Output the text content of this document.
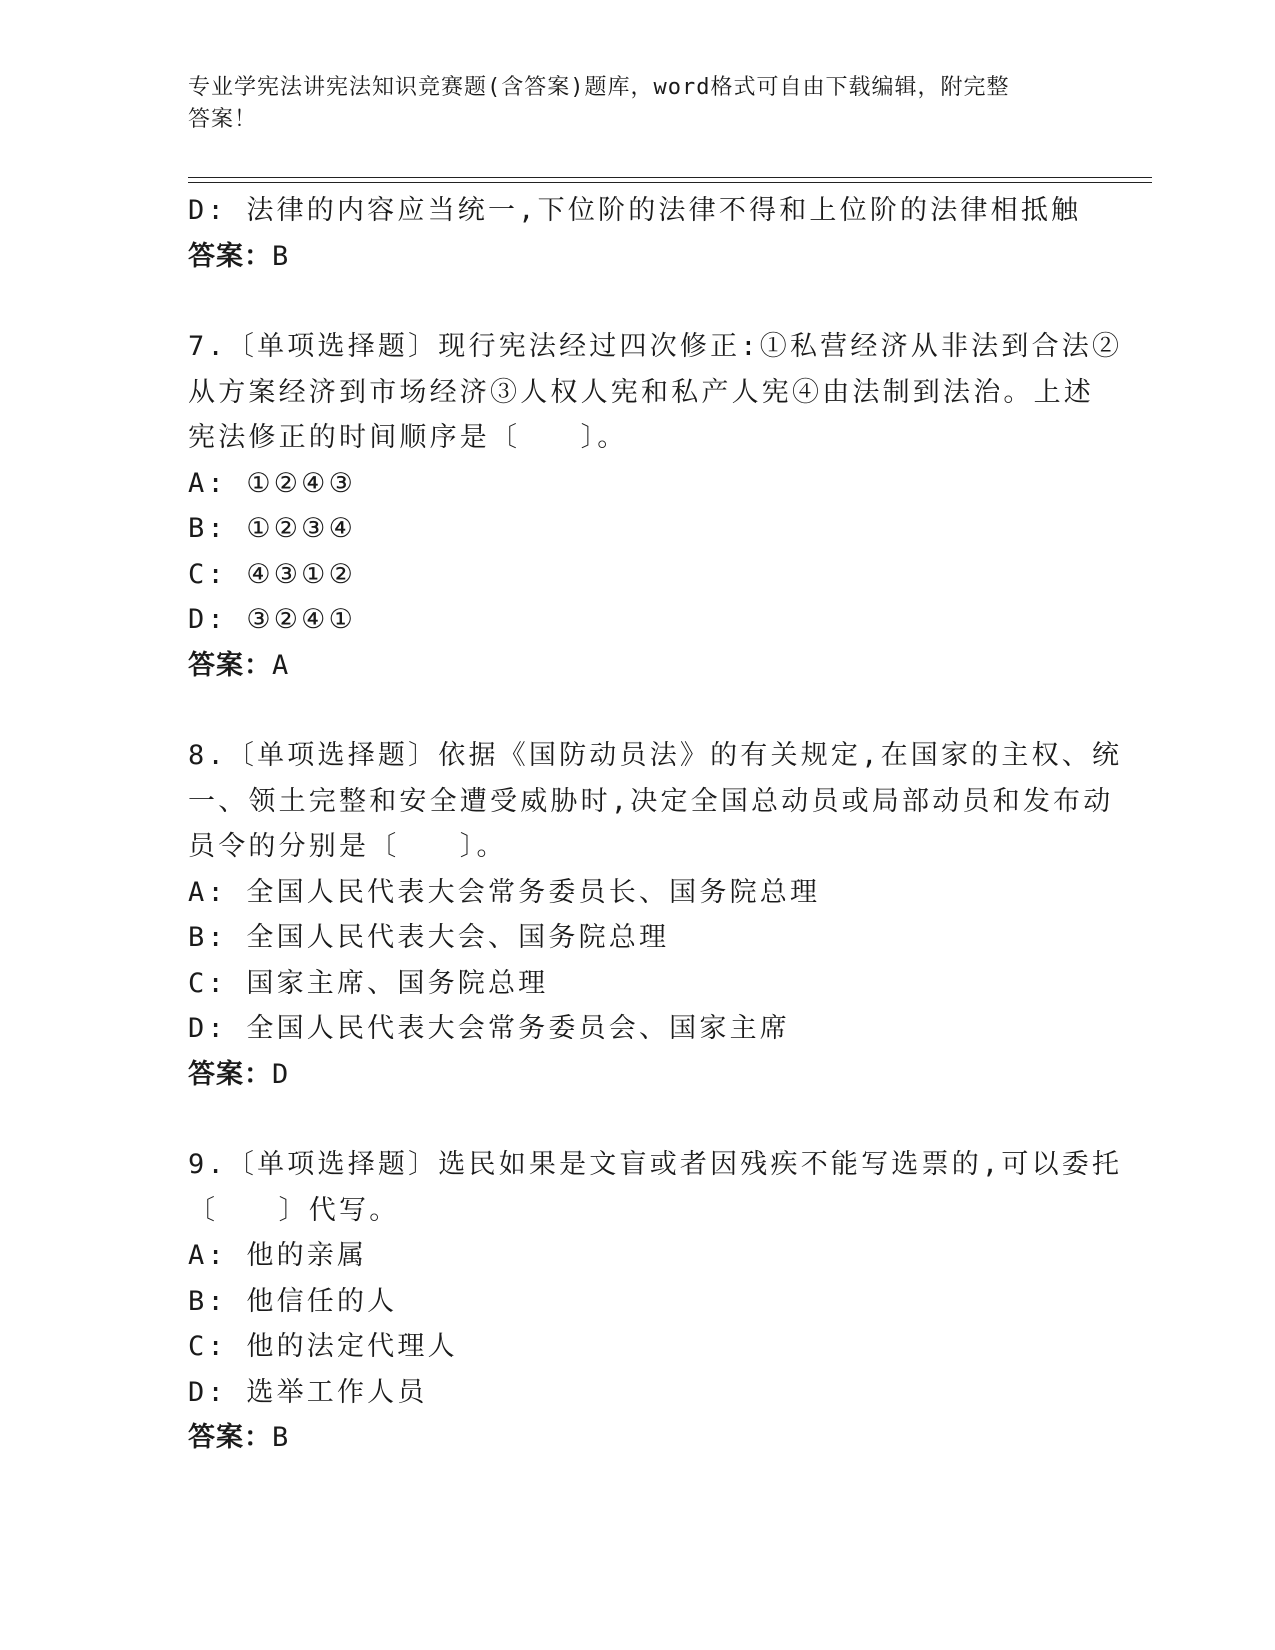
专业学宪法讲宪法知识竞赛题(含答案)题库，word格式可自由下载编辑，附完整
答案！
D: 法律的内容应当统一,下位阶的法律不得和上位阶的法律相抵触
答案：B
7.〔单项选择题〕现行宪法经过四次修正:①私营经济从非法到合法②
从方案经济到市场经济③人权人宪和私产人宪④由法制到法治。上述
宪法修正的时间顺序是〔　　〕。
A: ①②④③
B: ①②③④
C: ④③①②
D: ③②④①
答案：A
8.〔单项选择题〕依据《国防动员法》的有关规定,在国家的主权、统
一、领土完整和安全遭受威胁时,决定全国总动员或局部动员和发布动
员令的分别是〔　　〕。
A: 全国人民代表大会常务委员长、国务院总理
B: 全国人民代表大会、国务院总理
C: 国家主席、国务院总理
D: 全国人民代表大会常务委员会、国家主席
答案：D
9.〔单项选择题〕选民如果是文盲或者因残疾不能写选票的,可以委托
〔　　〕代写。
A: 他的亲属
B: 他信任的人
C: 他的法定代理人
D: 选举工作人员
答案：B
